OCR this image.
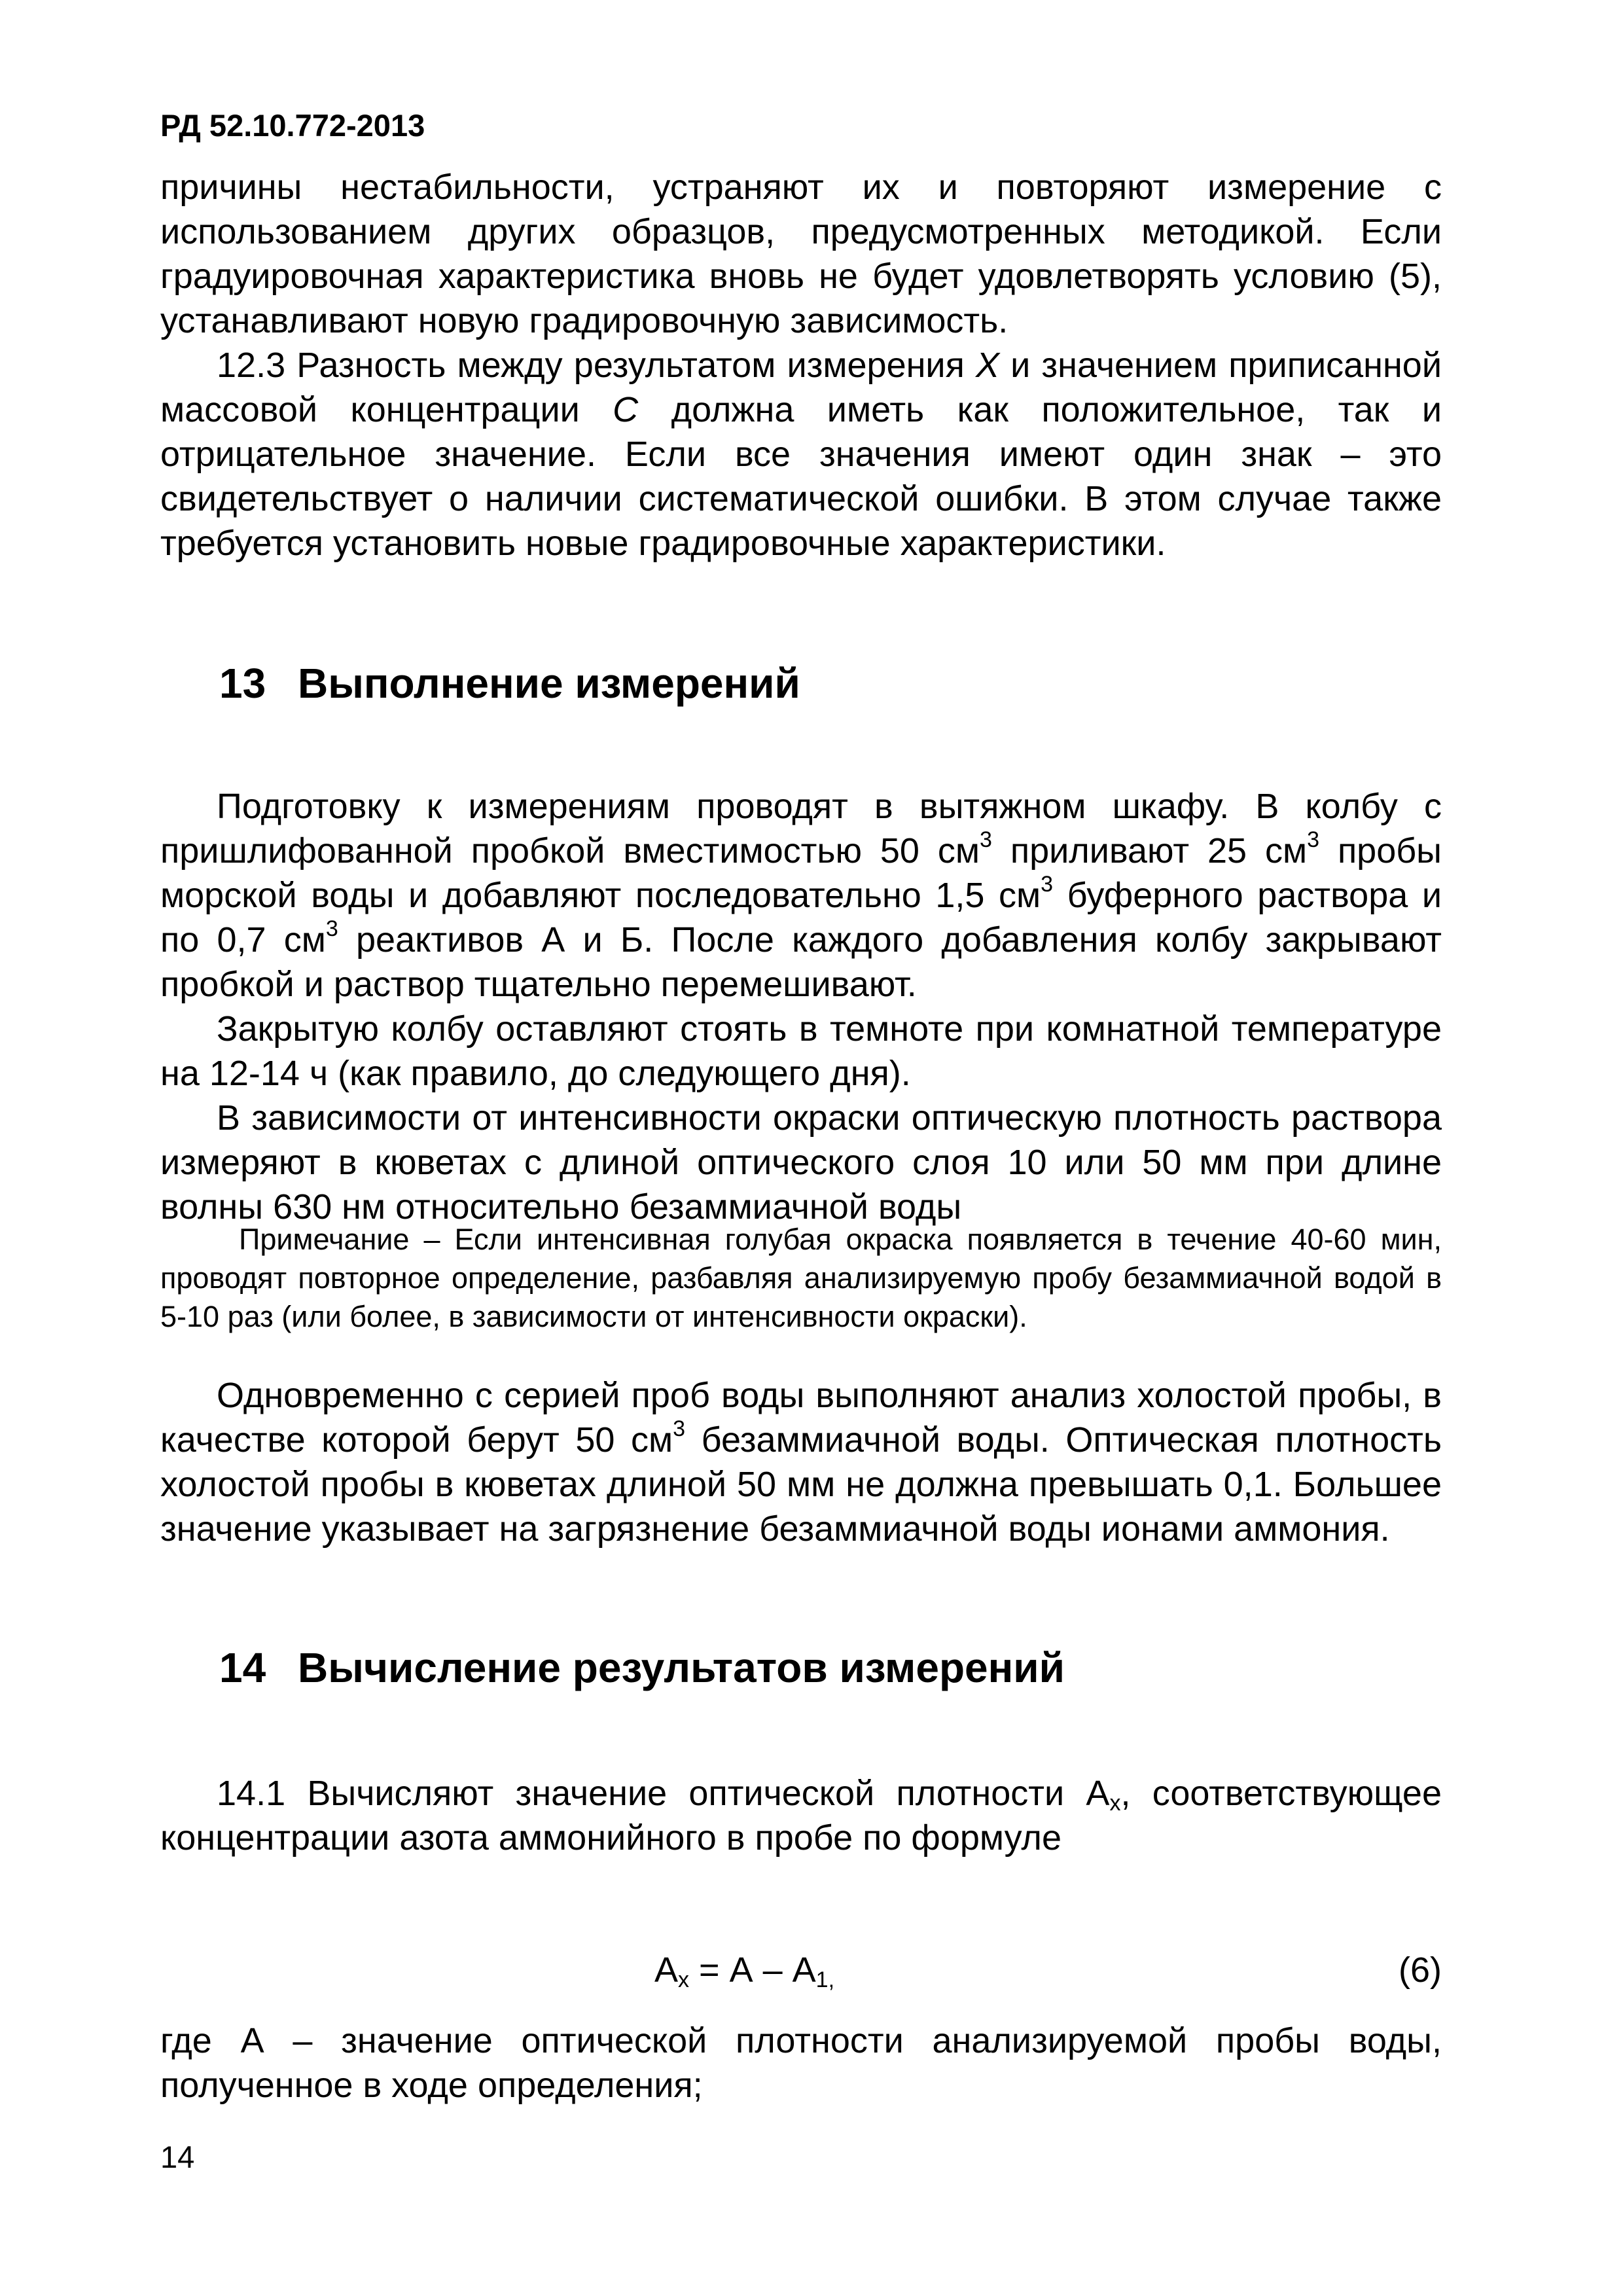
РД 52.10.772-2013

причины нестабильности, устраняют их и повторяют измерение с использованием других образцов, предусмотренных методикой. Если градуировочная характеристика вновь не будет удовлетворять условию (5), устанавливают новую градировочную зависимость.

12.3 Разность между результатом измерения X и значением приписанной массовой концентрации С должна иметь как положительное, так и отрицательное значение. Если все значения имеют один знак – это свидетельствует о наличии систематической ошибки. В этом случае также требуется установить новые градировочные характеристики.

13 Выполнение измерений

Подготовку к измерениям проводят в вытяжном шкафу. В колбу с пришлифованной пробкой вместимостью 50 $см^3$ приливают 25 $см^3$ пробы морской воды и добавляют последовательно 1,5 $см^3$ буферного раствора и по 0,7 $см^3$ реактивов А и Б. После каждого добавления колбу закрывают пробкой и раствор тщательно перемешивают.

Закрытую колбу оставляют стоять в темноте при комнатной температуре на 12-14 ч (как правило, до следующего дня).

В зависимости от интенсивности окраски оптическую плотность раствора измеряют в кюветах с длиной оптического слоя 10 или 50 мм при длине волны 630 нм относительно безаммиачной воды

Примечание – Если интенсивная голубая окраска появляется в течение 40-60 мин, проводят повторное определение, разбавляя анализируемую пробу безаммиачной водой в 5-10 раз (или более, в зависимости от интенсивности окраски).

Одновременно с серией проб воды выполняют анализ холостой пробы, в качестве которой берут 50 $см^3$ безаммиачной воды. Оптическая плотность холостой пробы в кюветах длиной 50 мм не должна превышать 0,1. Большее значение указывает на загрязнение безаммиачной воды ионами аммония.

14 Вычисление результатов измерений

14.1 Вычисляют значение оптической плотности $А_x$, соответствующее концентрации азота аммонийного в пробе по формуле

$А_x = А - А_{1,}$	(6)

где А – значение оптической плотности анализируемой пробы воды, полученное в ходе определения;

14
